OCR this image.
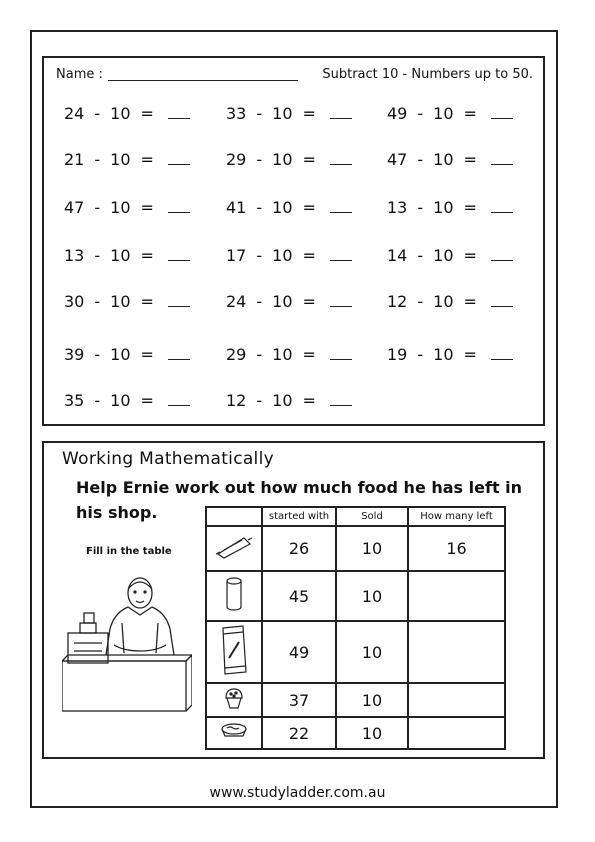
Name :	Subtract 10 - Numbers up to 50.
24 - 10 =	33 - 10 =	49 - 10 =
21 - 10 =	29 - 10 =	47 - 10 =
47 - 10 =	41 - 10 =	13 - 10 =
13 - 10 =	17 - 10 =	14 - 10 =
30 - 10 =	24 - 10 =	12 - 10 =
39 - 10 =	29 - 10 =	19 - 10 =
35 - 10 =	12 - 10 =
Working Mathematically
Help Ernie work out how much food he has left in his shop.
Fill in the table
	started with	Sold	How many left
	26	10	16
	45	10	
	49	10	
	37	10	
	22	10	
www.studyladder.com.au
